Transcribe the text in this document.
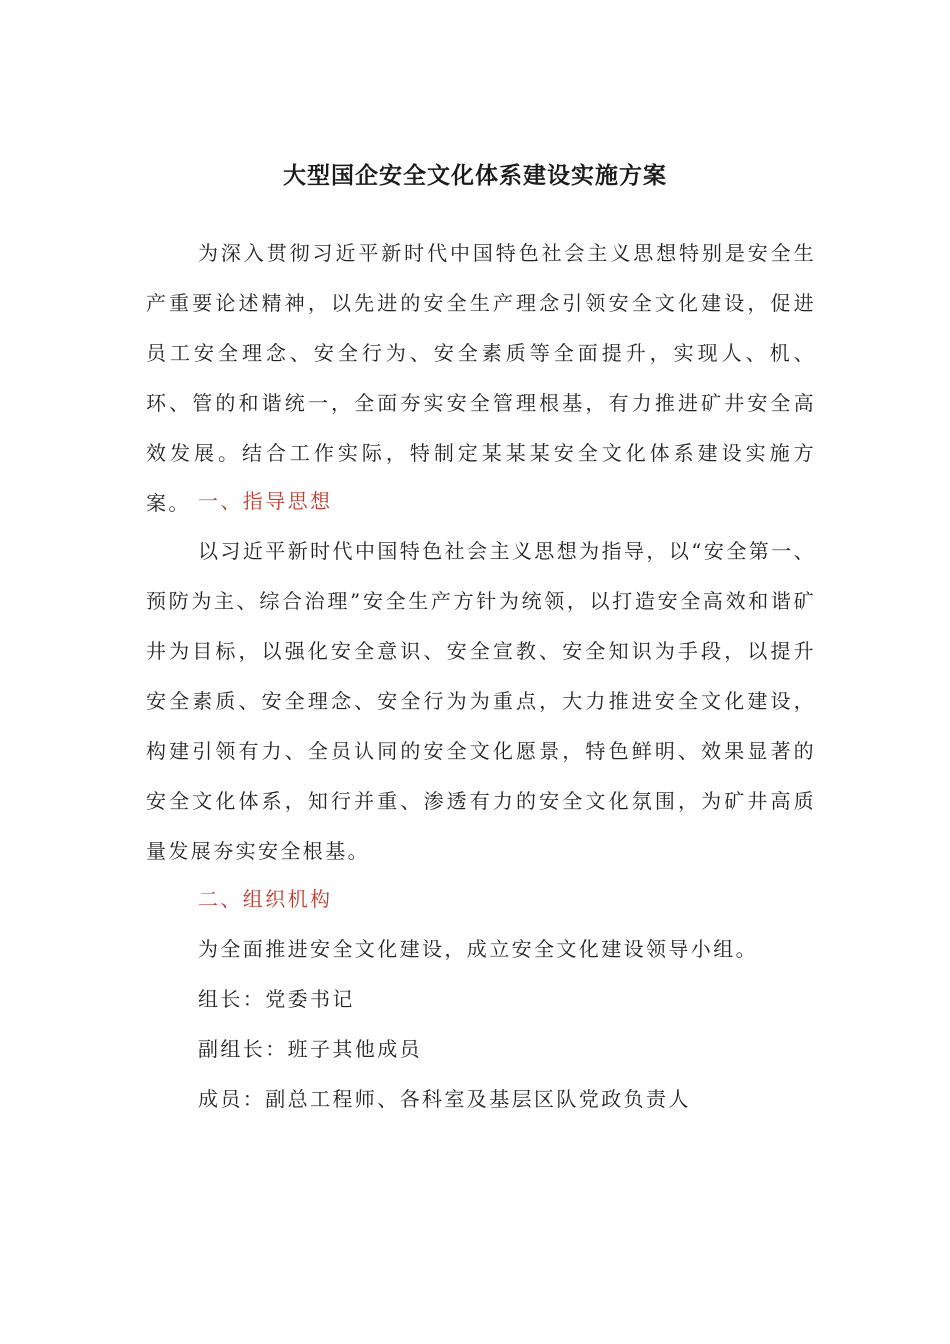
大型国企安全文化体系建设实施方案

为深入贯彻习近平新时代中国特色社会主义思想特别是安全生产重要论述精神，以先进的安全生产理念引领安全文化建设，促进员工安全理念、安全行为、安全素质等全面提升，实现人、机、环、管的和谐统一，全面夯实安全管理根基，有力推进矿井安全高效发展。结合工作实际，特制定某某某安全文化体系建设实施方案。 一、指导思想

以习近平新时代中国特色社会主义思想为指导，以“安全第一、预防为主、综合治理”安全生产方针为统领，以打造安全高效和谐矿井为目标，以强化安全意识、安全宣教、安全知识为手段，以提升安全素质、安全理念、安全行为为重点，大力推进安全文化建设，构建引领有力、全员认同的安全文化愿景，特色鲜明、效果显著的安全文化体系，知行并重、渗透有力的安全文化氛围，为矿井高质量发展夯实安全根基。

二、组织机构

为全面推进安全文化建设，成立安全文化建设领导小组。

组长：党委书记

副组长：班子其他成员

成员：副总工程师、各科室及基层区队党政负责人
